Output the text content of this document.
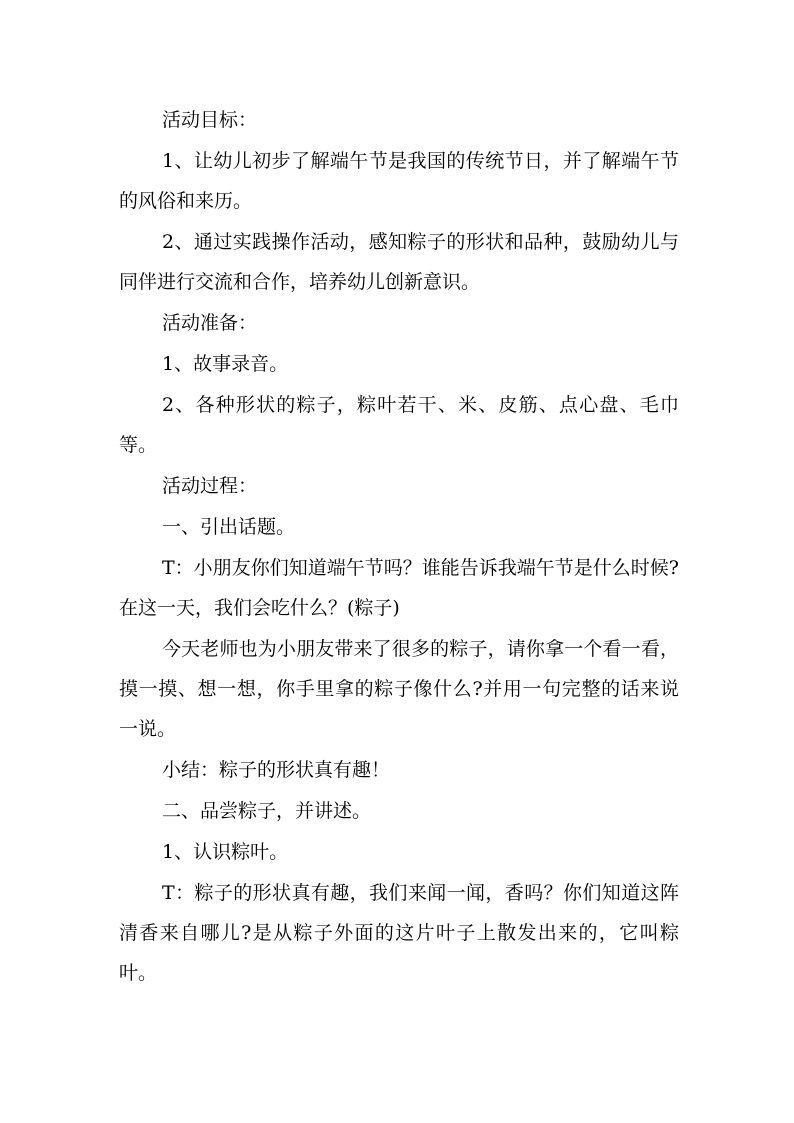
活动目标：

1、让幼儿初步了解端午节是我国的传统节日，并了解端午节的风俗和来历。

2、通过实践操作活动，感知粽子的形状和品种，鼓励幼儿与同伴进行交流和合作，培养幼儿创新意识。

活动准备：

1、故事录音。

2、各种形状的粽子，粽叶若干、米、皮筋、点心盘、毛巾等。

活动过程：

一、引出话题。

T：小朋友你们知道端午节吗？谁能告诉我端午节是什么时候?在这一天，我们会吃什么？(粽子)

今天老师也为小朋友带来了很多的粽子，请你拿一个看一看，摸一摸、想一想，你手里拿的粽子像什么?并用一句完整的话来说一说。

小结：粽子的形状真有趣！

二、品尝粽子，并讲述。

1、认识粽叶。

T：粽子的形状真有趣，我们来闻一闻，香吗？你们知道这阵清香来自哪儿?是从粽子外面的这片叶子上散发出来的，它叫粽叶。
